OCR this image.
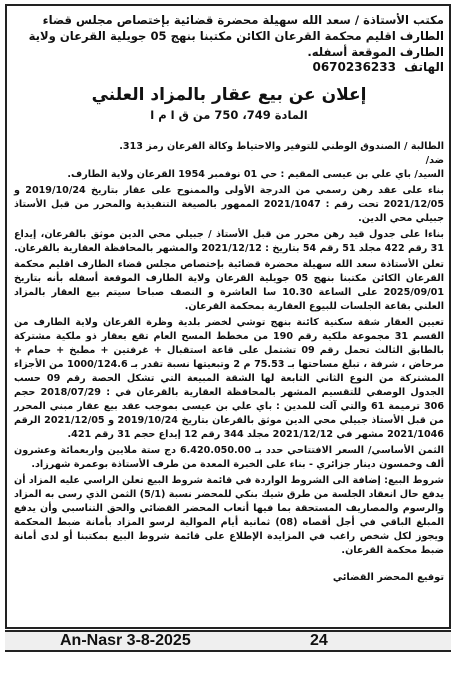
مكتب الأستاذة / سعد الله سهيلة محضرة قضائية بإختصاص مجلس قضاء الطارف اقليم محكمة القرعان الكائن مكتبنا بنهج 05 جويلية القرعان ولاية الطارف الموقعة أسفله.

الهاتف 0670236233
إعلان عن بيع عقار بالمزاد العلني
المادة 749، 750 من ق ا م ا

الطالبة / الصندوق الوطني للتوفير والاحتياط وكالة القرعان رمز 313.

ضد/

السيد/ باي علي بن عيسى المقيم : حي 01 نوفمبر 1954 القرعان ولاية الطارف.

بناء على عقد رهن رسمي من الدرجة الأولى والممنوح على عقار بتاريخ 2019/10/24 و 2021/12/05 تحت رقم : 2021/1047 الممهور بالصيغة التنفيذية والمحرر من قبل الأستاذ جبيلي محي الدين.

بناءا على جدول قيد رهن محرر من قبل الأستاذ / جبيلي محي الدين موثق بالقرعان، إيداع 31 رقم 422 مجلد 51 رقم 54 بتاريخ : 2021/12/12 والمشهر بالمحافظة العقارية بالقرعان.

تعلن الأستاذة سعد الله سهيلة محضرة قضائية بإختصاص مجلس قضاء الطارف اقليم محكمة القرعان الكائن مكتبنا بنهج 05 جويلية القرعان ولاية الطارف الموقعة أسفله بأنه بتاريخ 2025/09/01 على الساعة 10.30 سا العاشرة و النصف صباحا سيتم بيع العقار بالمزاد العلني بقاعة الجلسات للبيوع العقارية بمحكمة القرعان.

تعيين العقار شقة سكنية كائنة بنهج توشي لخضر بلدية وظرة القرعان ولاية الطارف من القسم 31 مجموعة ملكية رقم 190 من مخطط المسح العام تقع بعقار ذو ملكية مشتركة بالطابق الثالث تحمل رقم 09 تشتمل على قاعة استقبال + غرفتين + مطبخ + حمام + مرحاض ، شرفة ، تبلغ مساحتها بـ 75.53 م 2 وتبعيتها نسبة تقدر بـ 1000/124.6 من الأجزاء المشتركة من النوع الثاني التابعة لها الشقة المبيعة التي تشكل الحصة رقم 09 حسب الجدول الوصفي للتقسيم المشهر بالمحافظة العقارية بالقرعان في : 2018/07/29 حجم 306 ترميمة 61 والتي آلت للمدين : باي علي بن عيسى بموجب عقد بيع عقار مبني المحرر من قبل الأستاذ جبيلي محي الدين موثق بالقرعان بتاريخ 2019/10/24 و 2021/12/05 الرقم 2021/1046 مشهر في 2021/12/12 مجلد 344 رقم 12 إيداع حجم 31 رقم 421.

الثمن الأساسي/ السعر الافتتاحي حدد بـ 6.420.050.00 دج ستة ملايين واربعمائة وعشرون ألف وخمسون دينار جزائري - بناء على الخبرة المعدة من طرف الأستاذة بوعمرة شهرزاد.

شروط البيع: إضافة الى الشروط الواردة في قائمة شروط البيع تعلن الراسي عليه المزاد أن يدفع حال انعقاد الجلسة من طرق شيك بنكي للمحضر نسبة (5/1) الثمن الذي رسى به المزاد والرسوم والمصاريف المستحقة بما فيها أتعاب المحضر القضائي والحق التناسبي وأن يدفع المبلغ الباقي في أجل أقصاه (08) ثمانية أيام الموالية لرسو المزاد بأمانة ضبط المحكمة ويجوز لكل شخص راغب في المزايدة الإطلاع على قائمة شروط البيع بمكتبنا أو لدى أمانة ضبط محكمة القرعان.

توقيع المحضر القضائي
An-Nasr 3-8-2025	24
